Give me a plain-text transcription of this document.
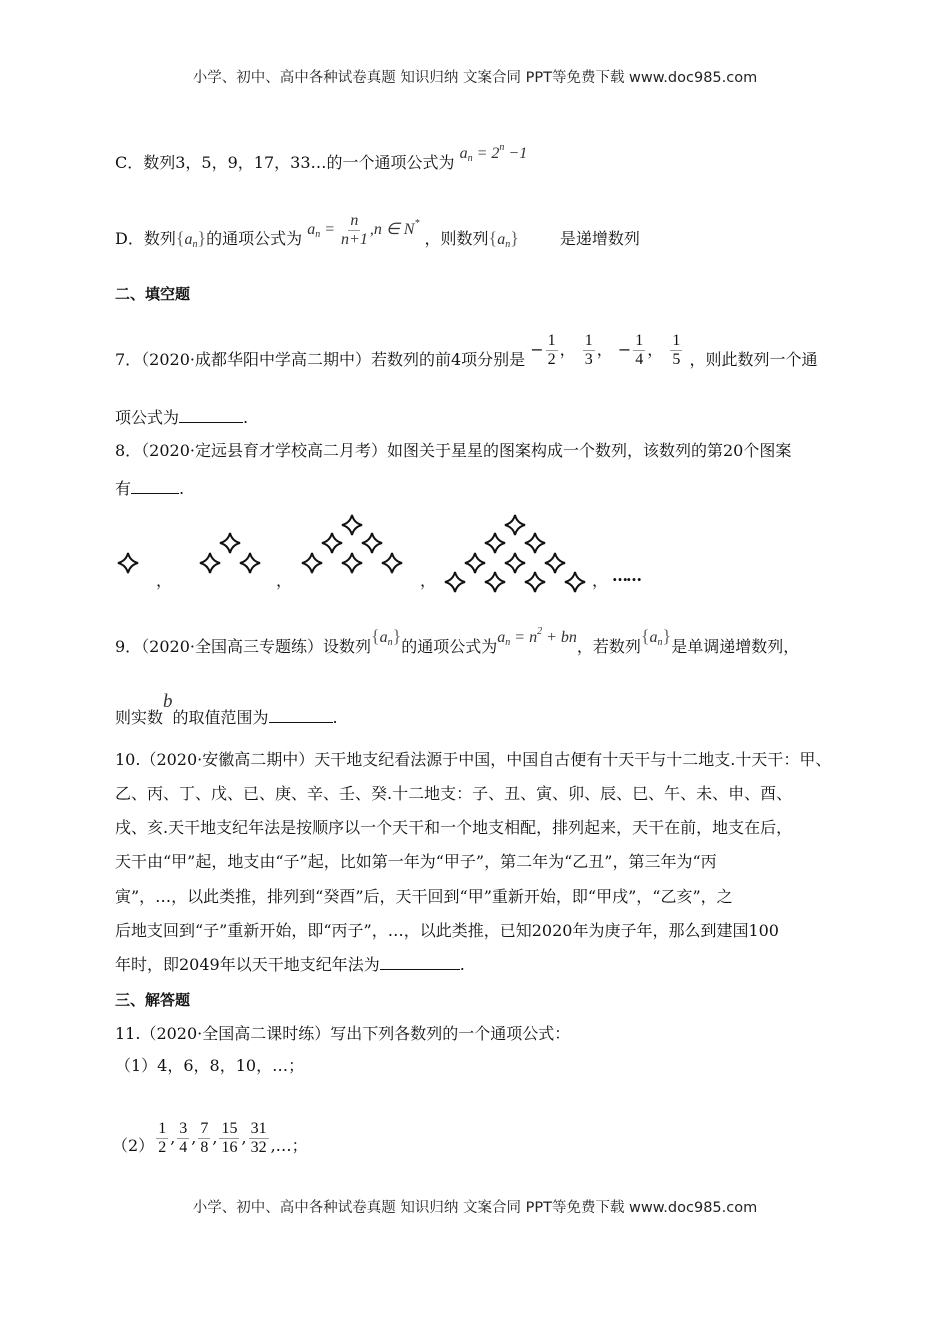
小学、初中、高中各种试卷真题 知识归纳 文案合同 PPT等免费下载 www.doc985.com
C．数列3，5，9，17，33…的一个通项公式为 $a_n = 2^n -1$
D．数列$\{a_n\}$的通项公式为 $a_n = \frac{n}{n+1} ,n$ ∈ N* ，则数列$\{a_n\}$	是递增数列
二、填空题
7．（2020·成都华阳中学高二期中）若数列的前4项分别是 − $\frac{1}{2}$ ， $\frac{1}{3}$ ， − $\frac{1}{4}$ ， $\frac{1}{5}$ ，则此数列一个通
项公式为	.
8．（2020·定远县育才学校高二月考）如图关于星星的图案构成一个数列，该数列的第20个图案
有	.
，	，	，	， ……
9．（2020·全国高三专题练）设数列$\{a_n\}$的通项公式为$a_n = n^2$ + bn，若数列$\{a_n\}$是单调递增数列，
则实数b的取值范围为	.
10.（2020·安徽高二期中）天干地支纪看法源于中国，中国自古便有十天干与十二地支.十天干：甲、
乙、丙、丁、戊、已、庚、辛、壬、癸.十二地支：子、丑、寅、卯、辰、巳、午、未、申、酉、
戌、亥.天干地支纪年法是按顺序以一个天干和一个地支相配，排列起来，天干在前，地支在后，
天干由“甲”起，地支由“子”起，比如第一年为“甲子”，第二年为“乙丑”，第三年为“丙
寅”，…，以此类推，排列到“癸酉”后，天干回到“甲”重新开始，即“甲戌”，“乙亥”，之
后地支回到“子”重新开始，即“丙子”，…，以此类推，已知2020年为庚子年，那么到建国100
年时，即2049年以天干地支纪年法为	.
三、解答题
11.（2020·全国高二课时练）写出下列各数列的一个通项公式：
（1）4，6，8，10，…；
$(2) \frac{1}{2}$ , $\frac{3}{4}$ , $\frac{7}{8}$ , $\frac{15}{16}$ , $\frac{31}{32}$ ,…；
小学、初中、高中各种试卷真题 知识归纳 文案合同 PPT等免费下载 www.doc985.com
